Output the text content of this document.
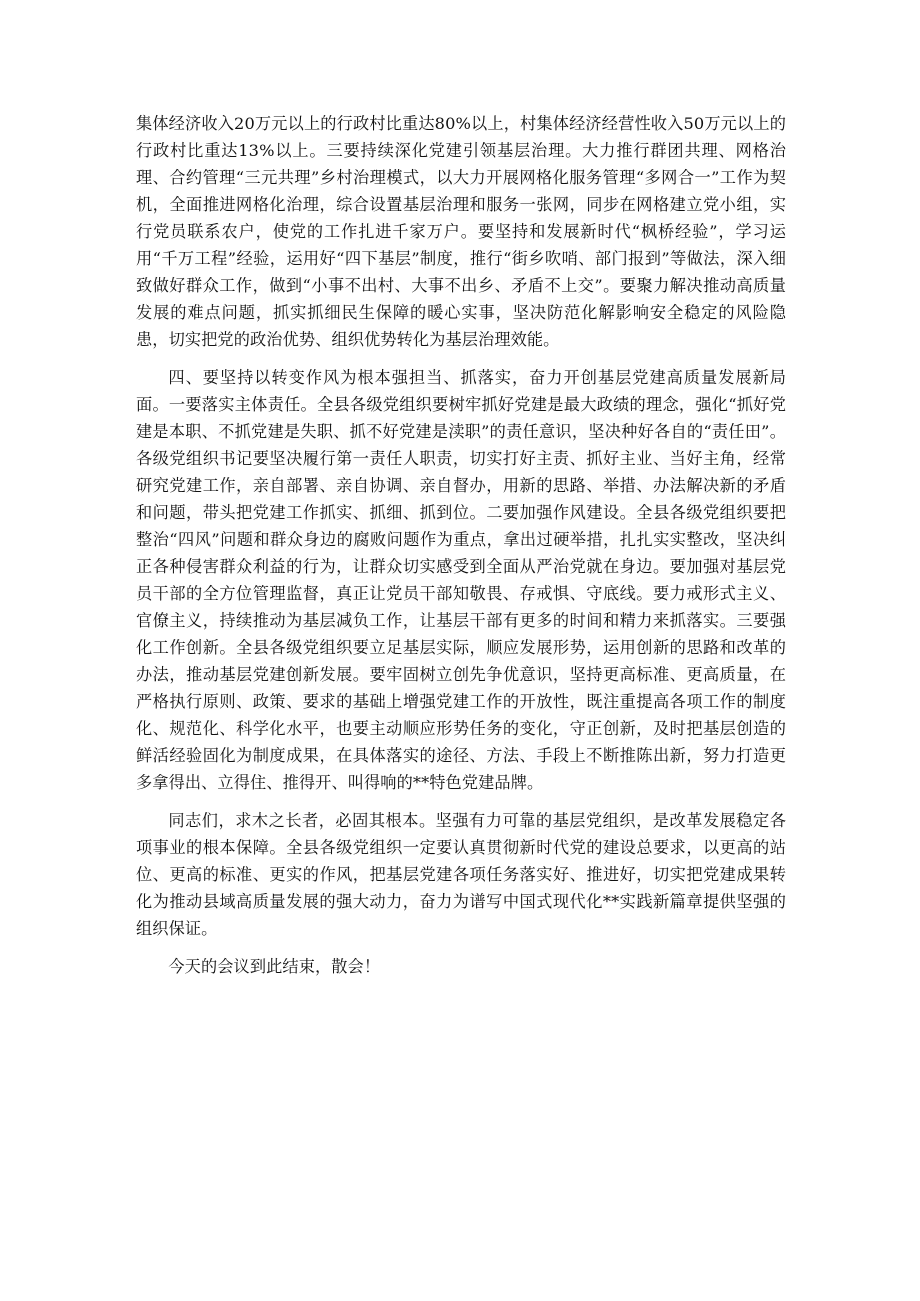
集体经济收入20万元以上的行政村比重达80%以上，村集体经济经营性收入50万元以上的行政村比重达13%以上。三要持续深化党建引领基层治理。大力推行群团共理、网格治理、合约管理“三元共理”乡村治理模式，以大力开展网格化服务管理“多网合一”工作为契机，全面推进网格化治理，综合设置基层治理和服务一张网，同步在网格建立党小组，实行党员联系农户，使党的工作扎进千家万户。要坚持和发展新时代“枫桥经验”，学习运用“千万工程”经验，运用好“四下基层”制度，推行“街乡吹哨、部门报到”等做法，深入细致做好群众工作，做到“小事不出村、大事不出乡、矛盾不上交”。要聚力解决推动高质量发展的难点问题，抓实抓细民生保障的暖心实事，坚决防范化解影响安全稳定的风险隐患，切实把党的政治优势、组织优势转化为基层治理效能。

四、要坚持以转变作风为根本强担当、抓落实，奋力开创基层党建高质量发展新局面。一要落实主体责任。全县各级党组织要树牢抓好党建是最大政绩的理念，强化“抓好党建是本职、不抓党建是失职、抓不好党建是渎职”的责任意识，坚决种好各自的“责任田”。各级党组织书记要坚决履行第一责任人职责，切实打好主责、抓好主业、当好主角，经常研究党建工作，亲自部署、亲自协调、亲自督办，用新的思路、举措、办法解决新的矛盾和问题，带头把党建工作抓实、抓细、抓到位。二要加强作风建设。全县各级党组织要把整治“四风”问题和群众身边的腐败问题作为重点，拿出过硬举措，扎扎实实整改，坚决纠正各种侵害群众利益的行为，让群众切实感受到全面从严治党就在身边。要加强对基层党员干部的全方位管理监督，真正让党员干部知敬畏、存戒惧、守底线。要力戒形式主义、官僚主义，持续推动为基层减负工作，让基层干部有更多的时间和精力来抓落实。三要强化工作创新。全县各级党组织要立足基层实际，顺应发展形势，运用创新的思路和改革的办法，推动基层党建创新发展。要牢固树立创先争优意识，坚持更高标准、更高质量，在严格执行原则、政策、要求的基础上增强党建工作的开放性，既注重提高各项工作的制度化、规范化、科学化水平，也要主动顺应形势任务的变化，守正创新，及时把基层创造的鲜活经验固化为制度成果，在具体落实的途径、方法、手段上不断推陈出新，努力打造更多拿得出、立得住、推得开、叫得响的**特色党建品牌。

同志们，求木之长者，必固其根本。坚强有力可靠的基层党组织，是改革发展稳定各项事业的根本保障。全县各级党组织一定要认真贯彻新时代党的建设总要求，以更高的站位、更高的标准、更实的作风，把基层党建各项任务落实好、推进好，切实把党建成果转化为推动县域高质量发展的强大动力，奋力为谱写中国式现代化**实践新篇章提供坚强的组织保证。

今天的会议到此结束，散会！
